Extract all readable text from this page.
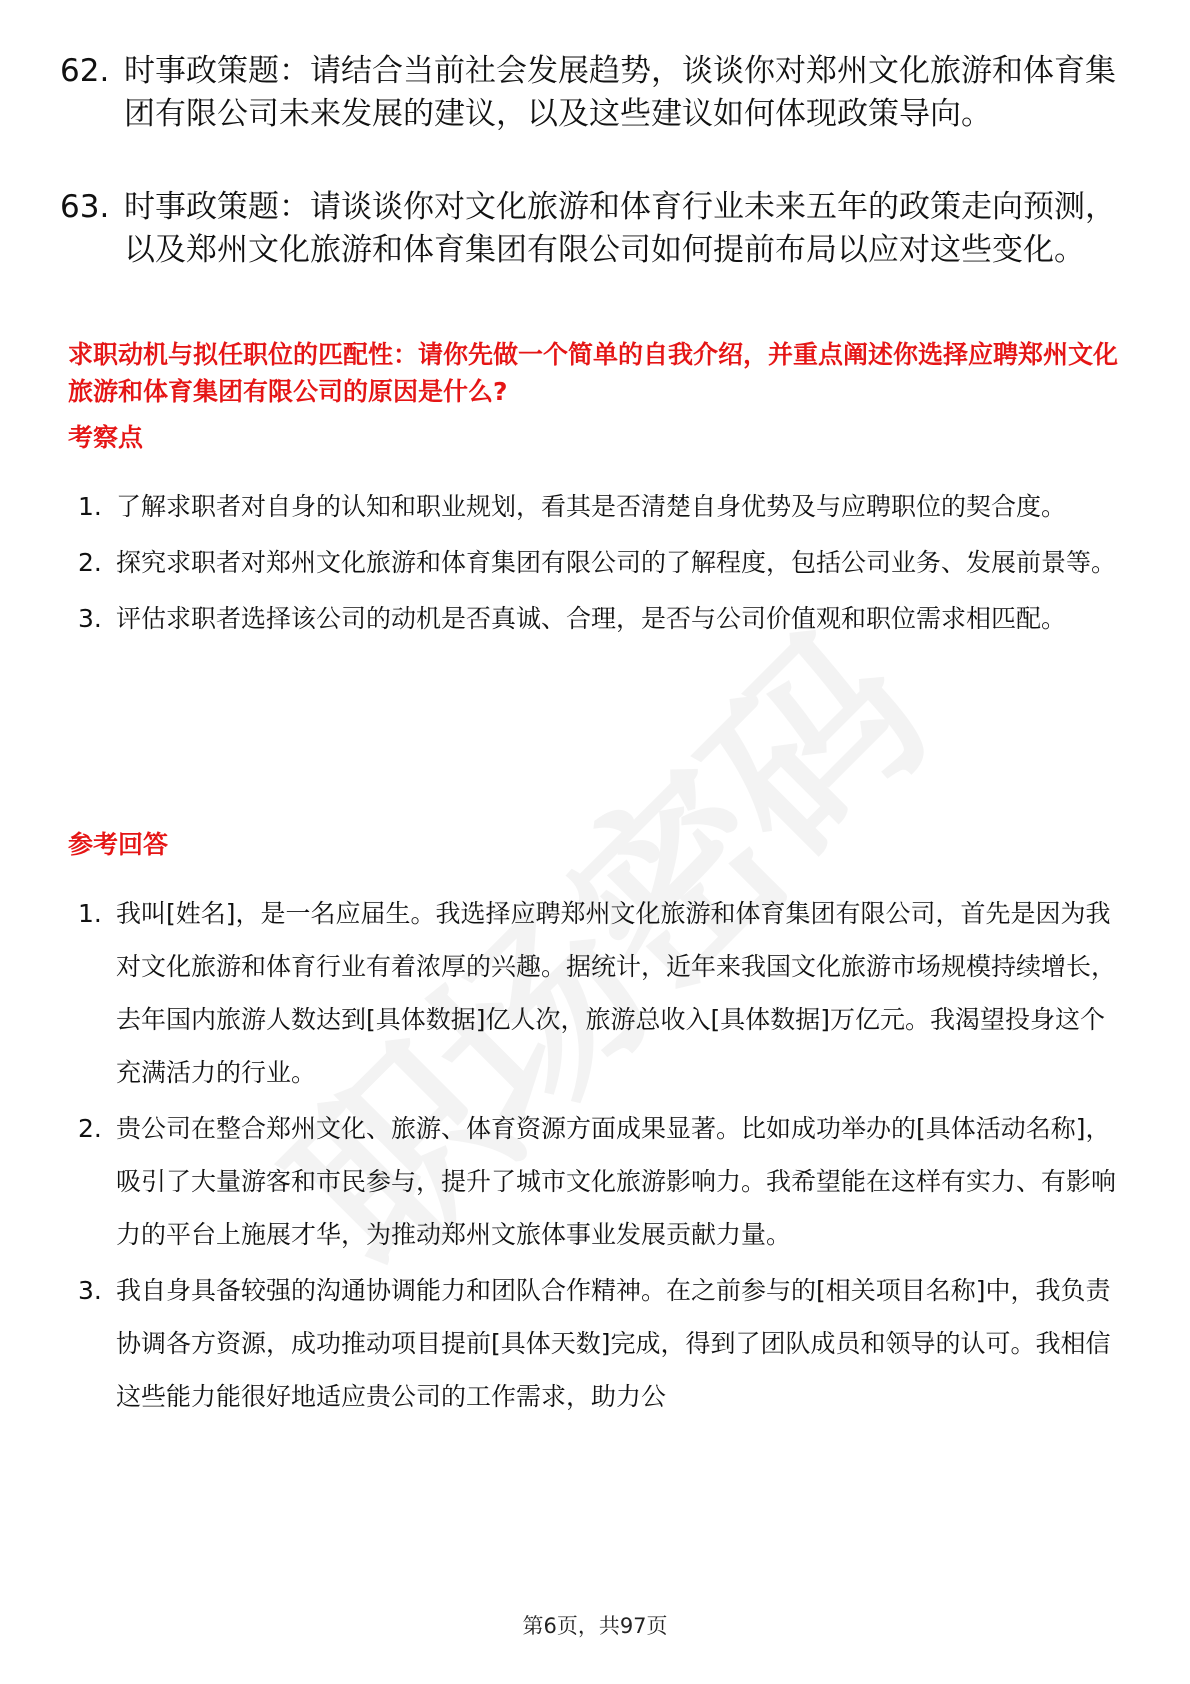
62. 时事政策题：请结合当前社会发展趋势，谈谈你对郑州文化旅游和体育集团有限公司未来发展的建议，以及这些建议如何体现政策导向。
63. 时事政策题：请谈谈你对文化旅游和体育行业未来五年的政策走向预测，以及郑州文化旅游和体育集团有限公司如何提前布局以应对这些变化。
求职动机与拟任职位的匹配性：请你先做一个简单的自我介绍，并重点阐述你选择应聘郑州文化旅游和体育集团有限公司的原因是什么?
考察点
1. 了解求职者对自身的认知和职业规划，看其是否清楚自身优势及与应聘职位的契合度。
2. 探究求职者对郑州文化旅游和体育集团有限公司的了解程度，包括公司业务、发展前景等。
3. 评估求职者选择该公司的动机是否真诚、合理，是否与公司价值观和职位需求相匹配。
参考回答
1. 我叫[姓名]，是一名应届生。我选择应聘郑州文化旅游和体育集团有限公司，首先是因为我对文化旅游和体育行业有着浓厚的兴趣。据统计，近年来我国文化旅游市场规模持续增长，去年国内旅游人数达到[具体数据]亿人次，旅游总收入[具体数据]万亿元。我渴望投身这个充满活力的行业。
2. 贵公司在整合郑州文化、旅游、体育资源方面成果显著。比如成功举办的[具体活动名称]，吸引了大量游客和市民参与，提升了城市文化旅游影响力。我希望能在这样有实力、有影响力的平台上施展才华，为推动郑州文旅体事业发展贡献力量。
3. 我自身具备较强的沟通协调能力和团队合作精神。在之前参与的[相关项目名称]中，我负责协调各方资源，成功推动项目提前[具体天数]完成，得到了团队成员和领导的认可。我相信这些能力能很好地适应贵公司的工作需求，助力公
第6页，共97页
